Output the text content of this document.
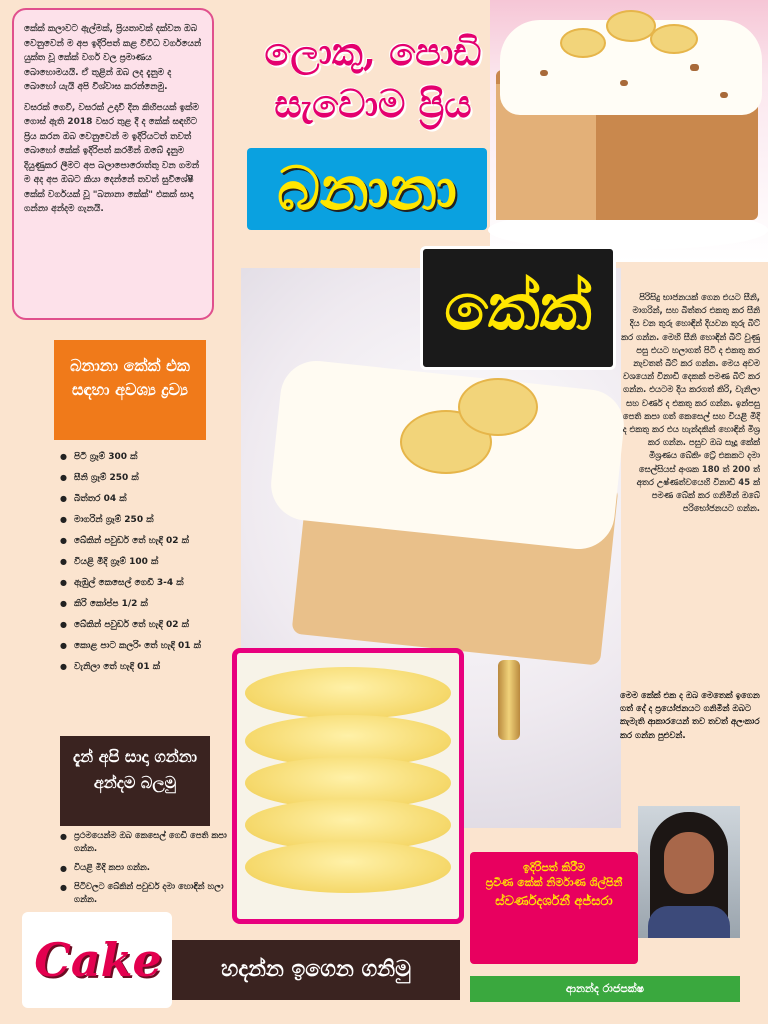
කේක් කලාවට ඇල්මක්, ප්‍රියතාවක් දක්වන ඔබ වෙනුවෙන් ම අප ඉදිරිපත් කළ විවිධ වර්ගයෙන් යුක්ත වූ කේක් වර්ග වල ප්‍රමාණය බොහොමයයි. ඒ තුළින් ඔබ ලද දැනුම ද බොහෝ යැයි අපි විශ්වාස කරන්නෙමු.

වසරක් ගෙවී, වසරක් උදාවී දින කිහිපයක් ඉක්ම ගොස් ඇති 2018 වසර තුළ දී ද කේක් සඳහිට ප්‍රිය කරන ඔබ වෙනුවෙන් ම ඉදිරියටත් තවත් බොහෝ කේක් ඉදිරිපත් කරමින් ඔබේ දැනුම දියුණුකර ලීමට අප බලාපොරොත්තු වන ගමන් ම අද අප ඔබට කියා දෙන්නේ තවත් සුවිශේෂී කේක් වර්ගයක් වූ "බනානා කේක්" එකක් සාදා ගන්නා අන්දම ගැනයි.

ලොකු, පොඩි
සැවොම ප්‍රිය
බනානා
කේක්	පිරිසිදු භාජනයක් ගෙන එයට සීනි, මාගරින්, සහ බිත්තර එකතු කර සීනි දිය වන තුරු හොඳින් දියවන තුරු බීට් කර ගන්න. මෙහි සීනි හොඳින් බීට් වුණු පසු එයට හලාගත් පිටි ද එකතු කර නැවතත් බීට් කර ගන්න. මෙය අවම වශයෙන් විනාඩි දෙකක් පමණ බීට් කර ගන්න. එයටම දිය කරගත් කිරි, වැනිලා සහ වර්ණ ද එකතු කර ගන්න. ඉන්පසු පෙති කපා ගත් කෙසෙල් සහ වියළි මිදි ද එකතු කර එය හැන්දකින් හොඳින් මිශ්‍ර කර ගන්න. පසුව ඔබ සෑදූ කේක් මිශ්‍රණය බේකිං ට්‍රේ එකකට දමා සෙල්සියස් අංශක 180 ත් 200 ත් අතර උෂ්ණත්වයෙහි විනාඩි 45 ක් පමණ බේක් කර ගනිමින් ඔබේ පරිභෝජනයට ගන්න.
මෙම කේක් එක ද ඔබ මෙතෙක් ඉගෙන ගත් දේ ද ප්‍රයෝජනයට ගනිමින් ඔබට කැමැති ආකාරයෙන් තව තවත් අලංකාර කර ගන්න පුළුවන්.
බනානා කේක් එක සඳහා අවශ්‍ය ද්‍රව්‍ය
● පිටි ග්‍රෑම් 300 ක්
● සීනි ග්‍රෑම් 250 ක්
● බිත්තර 04 ක්
● මාගරින් ග්‍රෑම් 250 ක්
● බේකින් පවුඩර් තේ හැඳි 02 ක්
● වියළි මිදි ග්‍රෑම් 100 ක්
● ඇඹුල් කෙසෙල් ගෙඩි 3-4 ක්
● කිරි කෝප්ප 1/2 ක්
● බේකින් පවුඩර් තේ හැඳි 02 ක්
● කොළ පාට කලරිං තේ හැඳි 01 ක්
● වැනිලා තේ හැඳි 01 ක්
දැන් අපි සාදා ගන්නා අන්දම බලමු
● ප්‍රථමයෙන්ම ඔබ කෙසෙල් ගෙඩි පෙති කපා ගන්න.
● වියළි මිදි කපා ගන්න.
● පිටිවලට බේකින් පවුඩර් දමා හොඳින් හලා ගන්න.
ඉදිරිපත් කිරීම
ප්‍රවීණ කේක් නිර්මාණ ශිල්පිනී
ස්වර්ණදර්ශනී අජ්සරා
ආනන්ද රාජපක්ෂ
Cake	හදන්න ඉගෙන ගනිමු
